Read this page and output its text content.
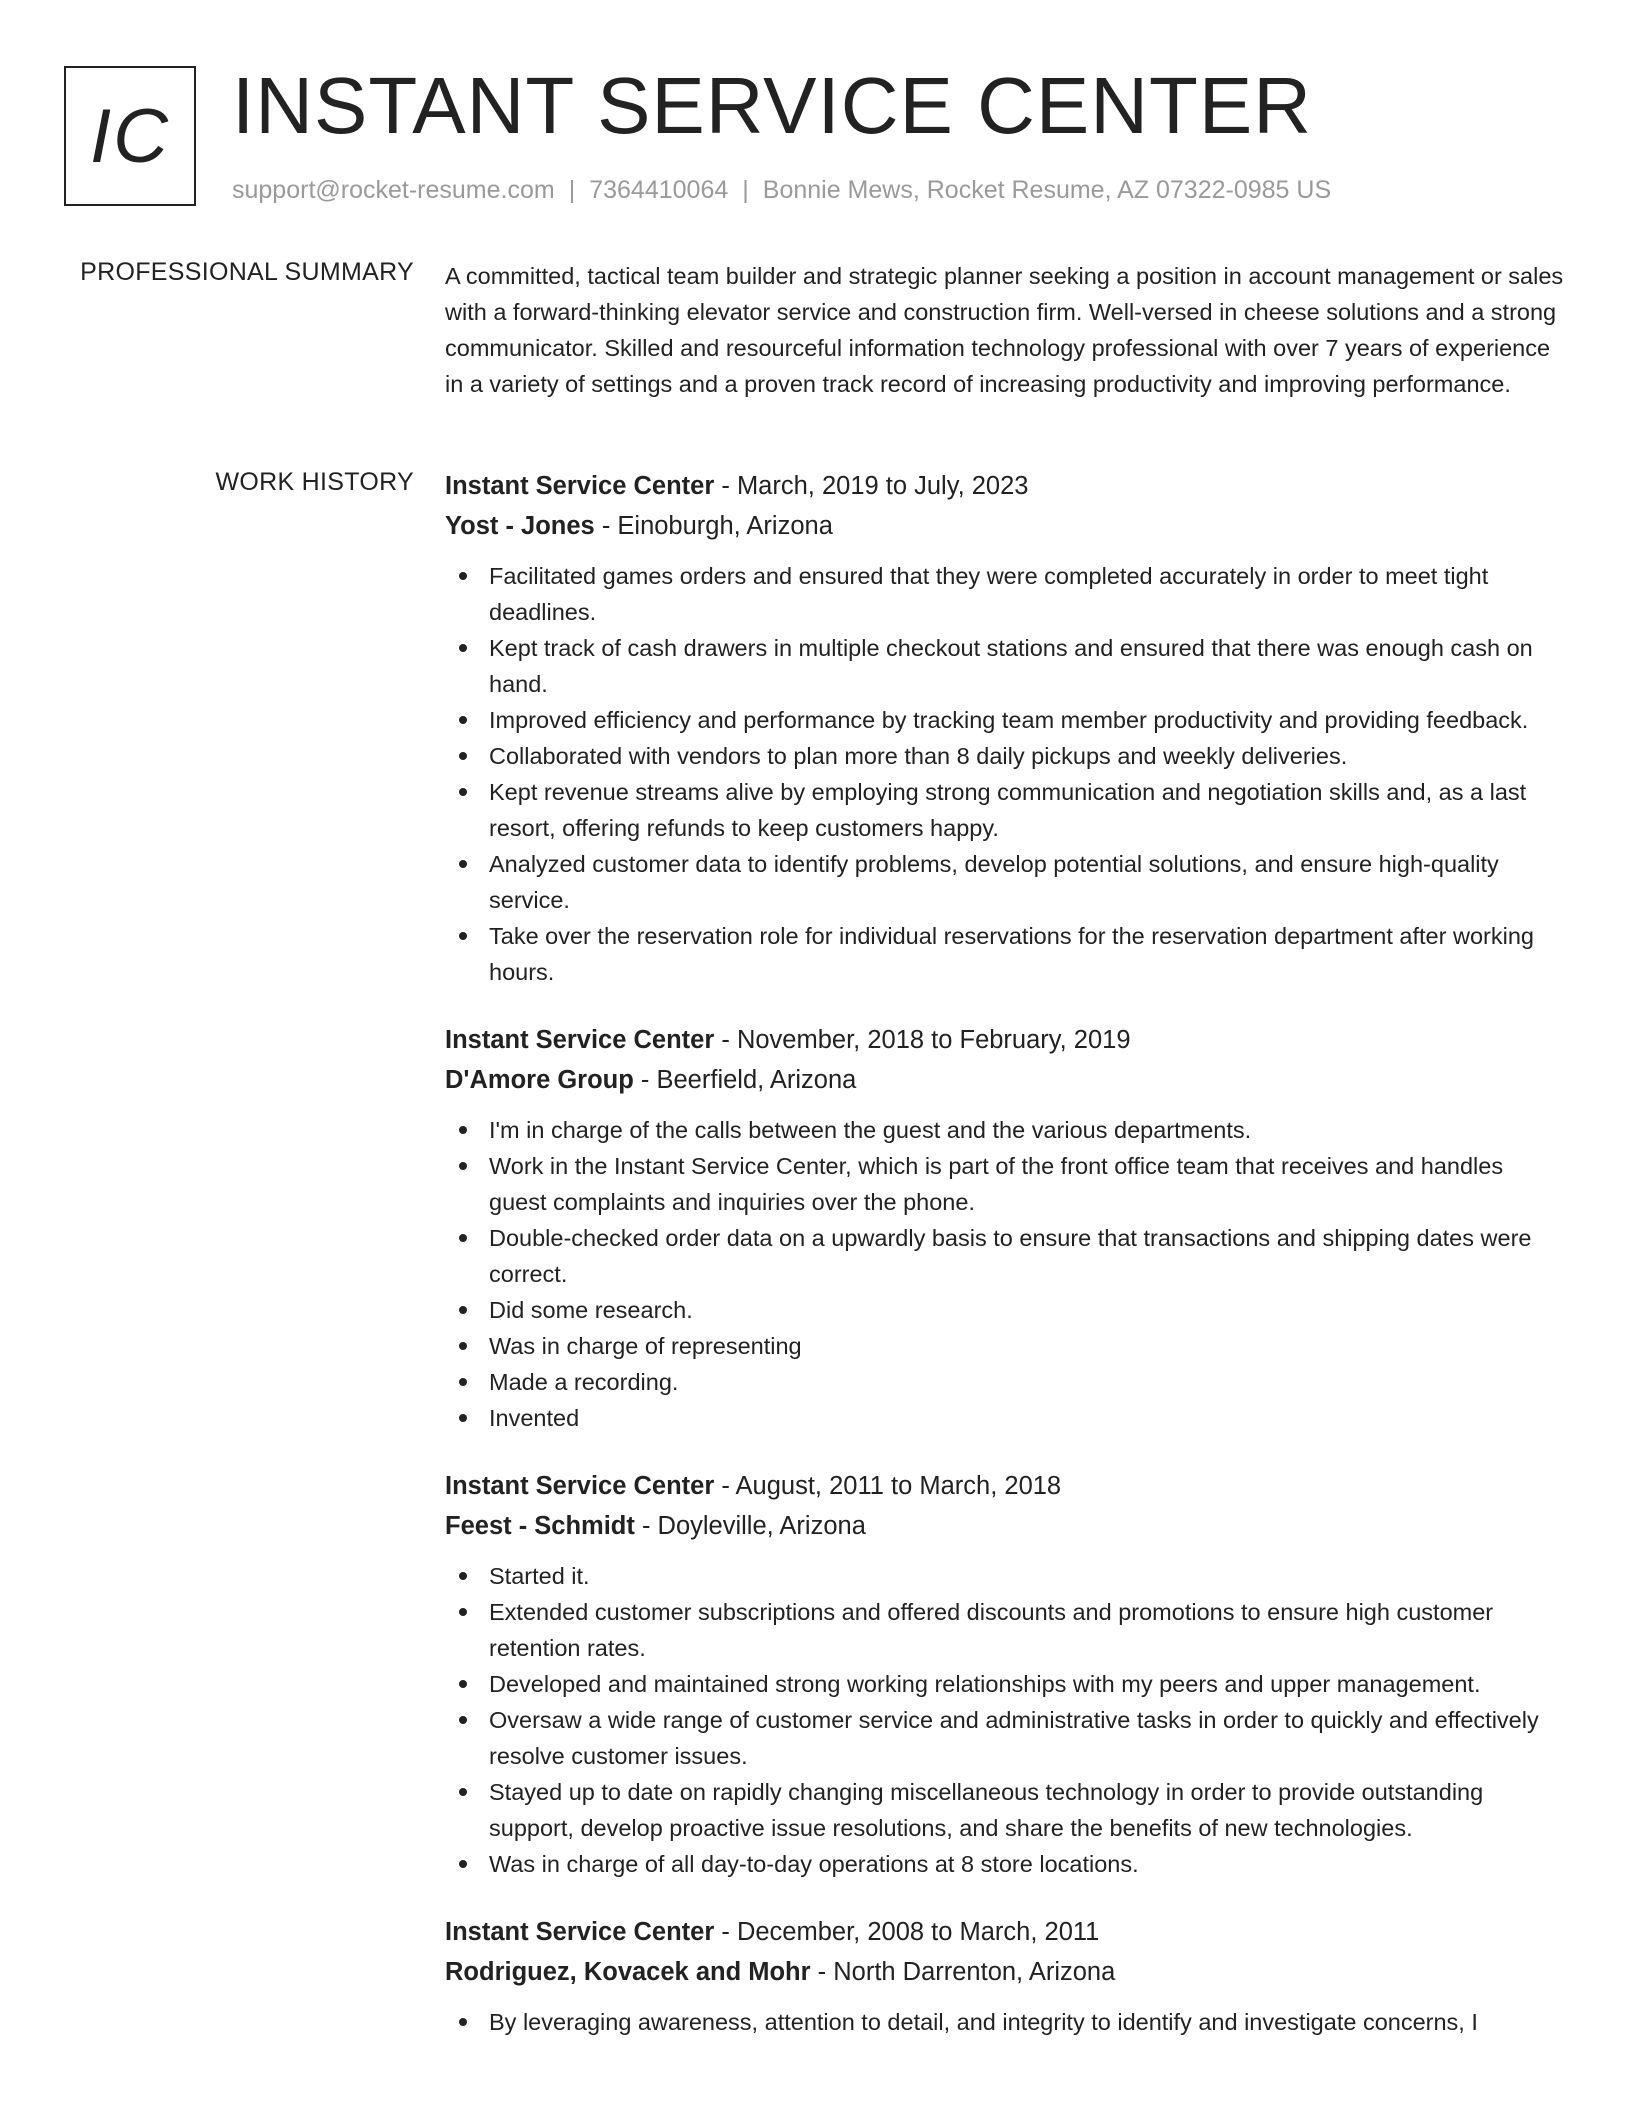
IC INSTANT SERVICE CENTER
support@rocket-resume.com | 7364410064 | Bonnie Mews, Rocket Resume, AZ 07322-0985 US
PROFESSIONAL SUMMARY A committed, tactical team builder and strategic planner seeking a position in account management or sales with a forward-thinking elevator service and construction firm. Well-versed in cheese solutions and a strong communicator. Skilled and resourceful information technology professional with over 7 years of experience in a variety of settings and a proven track record of increasing productivity and improving performance.

WORK HISTORY Instant Service Center - March, 2019 to July, 2023
Yost - Jones - Einoburgh, Arizona
Facilitated games orders and ensured that they were completed accurately in order to meet tight deadlines.
Kept track of cash drawers in multiple checkout stations and ensured that there was enough cash on hand.
Improved efficiency and performance by tracking team member productivity and providing feedback.
Collaborated with vendors to plan more than 8 daily pickups and weekly deliveries.
Kept revenue streams alive by employing strong communication and negotiation skills and, as a last resort, offering refunds to keep customers happy.
Analyzed customer data to identify problems, develop potential solutions, and ensure high-quality service.
Take over the reservation role for individual reservations for the reservation department after working hours.
Instant Service Center - November, 2018 to February, 2019
D'Amore Group - Beerfield, Arizona
I'm in charge of the calls between the guest and the various departments.
Work in the Instant Service Center, which is part of the front office team that receives and handles guest complaints and inquiries over the phone.
Double-checked order data on a upwardly basis to ensure that transactions and shipping dates were correct.
Did some research.
Was in charge of representing
Made a recording.
Invented
Instant Service Center - August, 2011 to March, 2018
Feest - Schmidt - Doyleville, Arizona
Started it.
Extended customer subscriptions and offered discounts and promotions to ensure high customer retention rates.
Developed and maintained strong working relationships with my peers and upper management.
Oversaw a wide range of customer service and administrative tasks in order to quickly and effectively resolve customer issues.
Stayed up to date on rapidly changing miscellaneous technology in order to provide outstanding support, develop proactive issue resolutions, and share the benefits of new technologies.
Was in charge of all day-to-day operations at 8 store locations.
Instant Service Center - December, 2008 to March, 2011
Rodriguez, Kovacek and Mohr - North Darrenton, Arizona
By leveraging awareness, attention to detail, and integrity to identify and investigate concerns, I
